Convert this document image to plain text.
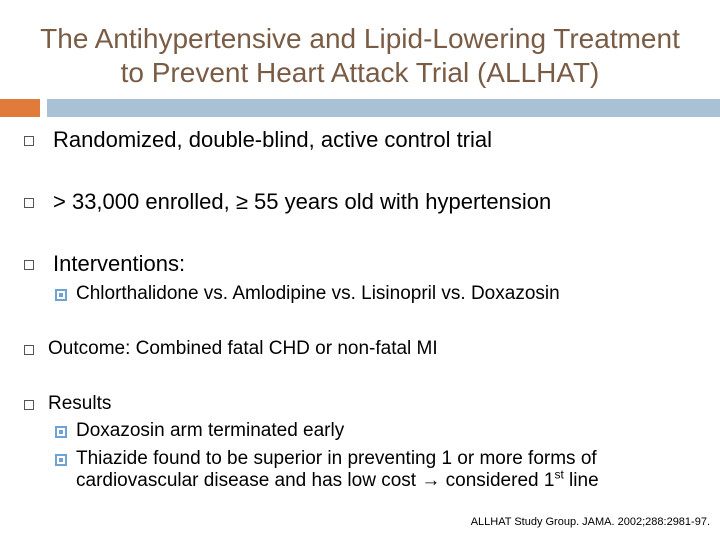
The Antihypertensive and Lipid-Lowering Treatment
to Prevent Heart Attack Trial (ALLHAT)
Randomized, double-blind, active control trial
> 33,000 enrolled, ≥ 55 years old with hypertension
Interventions:
Chlorthalidone vs. Amlodipine vs. Lisinopril vs. Doxazosin
Outcome: Combined fatal CHD or non-fatal MI
Results
Doxazosin arm terminated early
Thiazide found to be superior in preventing 1 or more forms of
cardiovascular disease and has low cost → considered 1st line
ALLHAT Study Group. JAMA. 2002;288:2981-97.
